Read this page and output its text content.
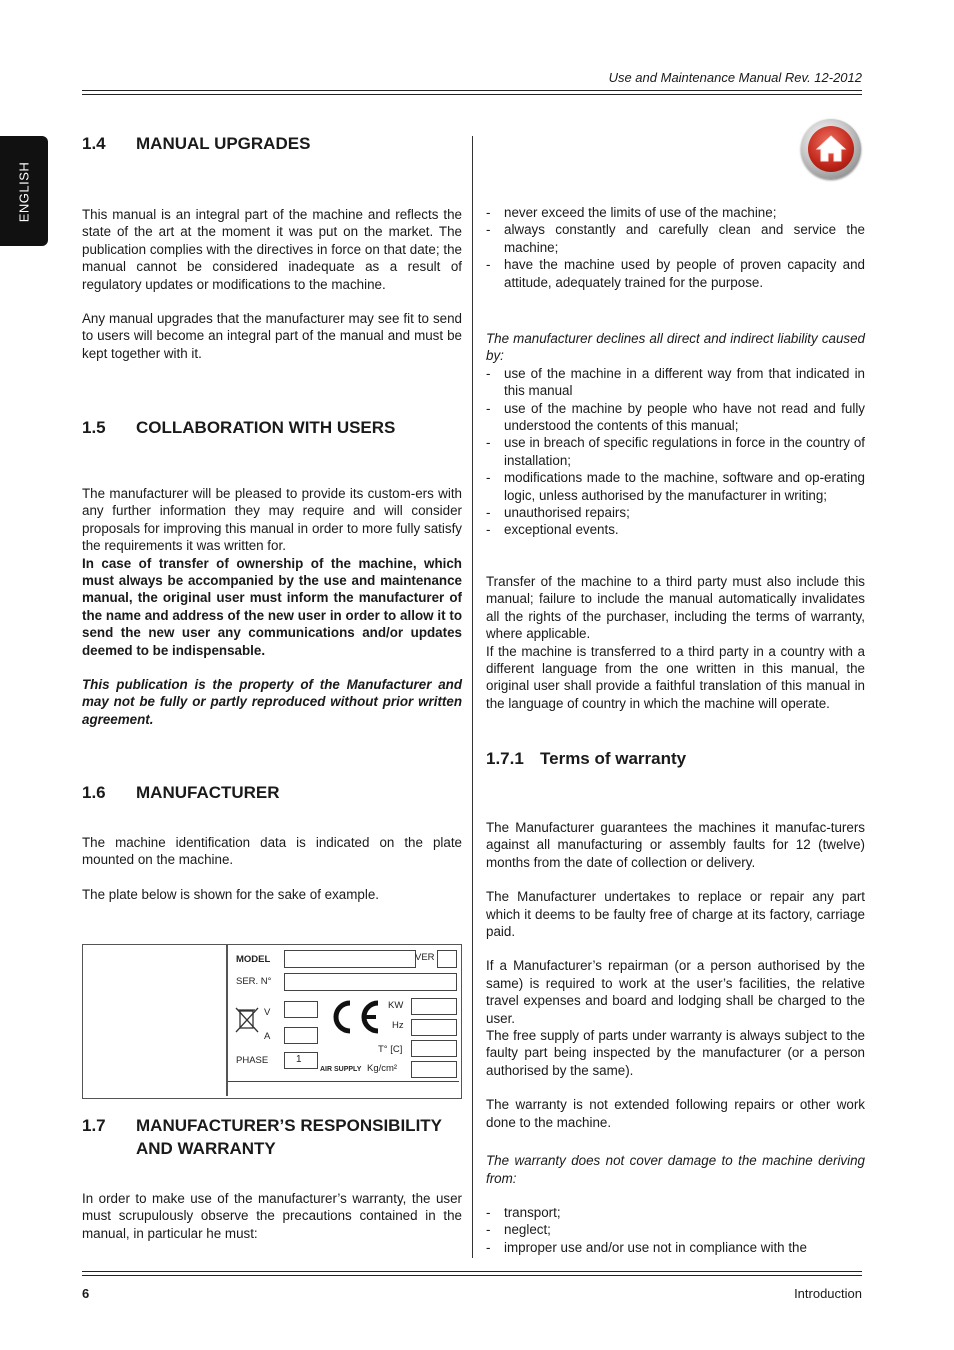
Use and Maintenance Manual Rev. 12-2012
ENGLISH
1.4 MANUAL UPGRADES

This manual is an integral part of the machine and reflects the state of the art at the moment it was put on the market. The publication complies with the directives in force on that date; the manual cannot be considered inadequate as a result of regulatory updates or modifications to the machine.

Any manual upgrades that the manufacturer may see fit to send to users will become an integral part of the manual and must be kept together with it.

1.5 COLLABORATION WITH USERS

The manufacturer will be pleased to provide its custom-ers with any further information they may require and will consider proposals for improving this manual in order to more fully satisfy the requirements it was written for.

In case of transfer of ownership of the machine, which must always be accompanied by the use and maintenance manual, the original user must inform the manufacturer of the name and address of the new user in order to allow it to send the new user any communications and/or updates deemed to be indispensable.

This publication is the property of the Manufacturer and may not be fully or partly reproduced without prior written agreement.

1.6 MANUFACTURER

The machine identification data is indicated on the plate mounted on the machine.

The plate below is shown for the sake of example.

MODEL	VER
SER. N°
V
A
KW
Hz
T° [C]
PHASE	1
AIR SUPPLY Kg/cm²
1.7	MANUFACTURER’S RESPONSIBILITY AND WARRANTY

In order to make use of the manufacturer’s warranty, the user must scrupulously observe the precautions contained in the manual, in particular he must:

- never exceed the limits of use of the machine;
- always constantly and carefully clean and service the machine;
- have the machine used by people of proven capacity and attitude, adequately trained for the purpose.

The manufacturer declines all direct and indirect liability caused by:

- use of the machine in a different way from that indicated in this manual
- use of the machine by people who have not read and fully understood the contents of this manual;
- use in breach of specific regulations in force in the country of installation;
- modifications made to the machine, software and op-erating logic, unless authorised by the manufacturer in writing;
- unauthorised repairs;
- exceptional events.

Transfer of the machine to a third party must also include this manual; failure to include the manual automatically invalidates all the rights of the purchaser, including the terms of warranty, where applicable.

If the machine is transferred to a third party in a country with a different language from the one written in this manual, the original user shall provide a faithful translation of this manual in the language of country in which the machine will operate.

1.7.1 Terms of warranty

The Manufacturer guarantees the machines it manufac-turers against all manufacturing or assembly faults for 12 (twelve) months from the date of collection or delivery.

The Manufacturer undertakes to replace or repair any part which it deems to be faulty free of charge at its factory, carriage paid.

If a Manufacturer’s repairman (or a person authorised by the same) is required to work at the user’s facilities, the relative travel expenses and board and lodging shall be charged to the user.

The free supply of parts under warranty is always subject to the faulty part being inspected by the manufacturer (or a person authorised by the same).

The warranty is not extended following repairs or other work done to the machine.

The warranty does not cover damage to the machine deriving from:

- transport;
- neglect;
- improper use and/or use not in compliance with the
6	Introduction
